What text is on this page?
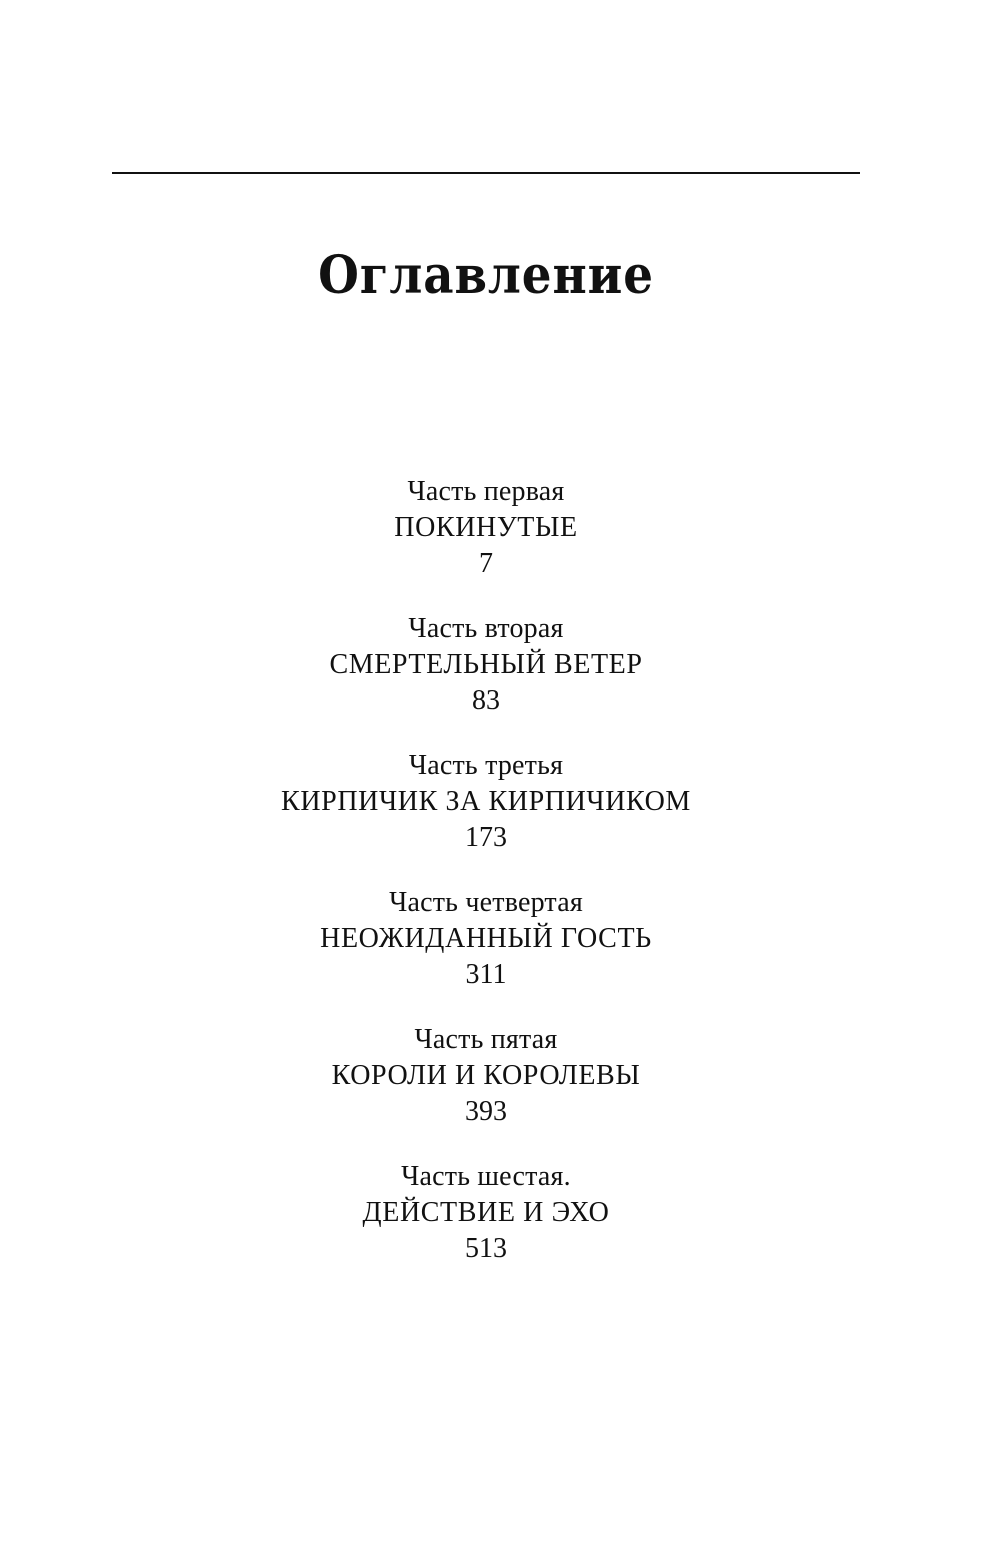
Оглавление
Часть первая
ПОКИНУТЫЕ
7
Часть вторая
СМЕРТЕЛЬНЫЙ ВЕТЕР
83
Часть третья
КИРПИЧИК ЗА КИРПИЧИКОМ
173
Часть четвертая
НЕОЖИДАННЫЙ ГОСТЬ
311
Часть пятая
КОРОЛИ И КОРОЛЕВЫ
393
Часть шестая.
ДЕЙСТВИЕ И ЭХО
513
